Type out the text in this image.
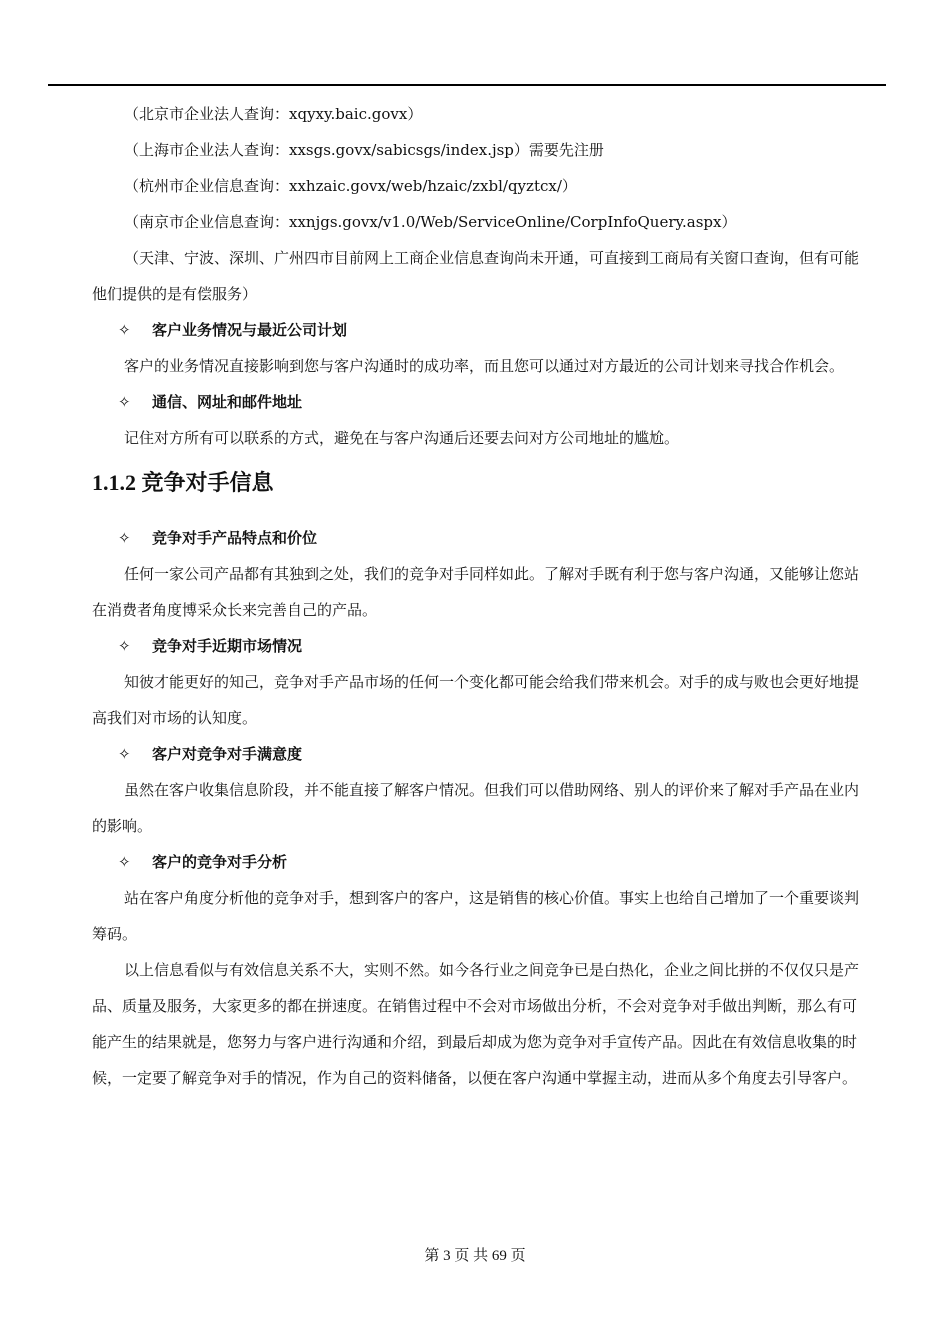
（北京市企业法人查询：xqyxy.baic.govx）

（上海市企业法人查询：xxsgs.govx/sabicsgs/index.jsp）需要先注册

（杭州市企业信息查询：xxhzaic.govx/web/hzaic/zxbl/qyztcx/）

（南京市企业信息查询：xxnjgs.govx/v1.0/Web/ServiceOnline/CorpInfoQuery.aspx）

（天津、宁波、深圳、广州四市目前网上工商企业信息查询尚未开通，可直接到工商局有关窗口查询，但有可能他们提供的是有偿服务）

✧ 客户业务情况与最近公司计划

客户的业务情况直接影响到您与客户沟通时的成功率，而且您可以通过对方最近的公司计划来寻找合作机会。

✧ 通信、网址和邮件地址

记住对方所有可以联系的方式，避免在与客户沟通后还要去问对方公司地址的尴尬。

1.1.2 竞争对手信息

✧ 竞争对手产品特点和价位

任何一家公司产品都有其独到之处，我们的竞争对手同样如此。了解对手既有利于您与客户沟通，又能够让您站在消费者角度博采众长来完善自己的产品。

✧ 竞争对手近期市场情况

知彼才能更好的知己，竞争对手产品市场的任何一个变化都可能会给我们带来机会。对手的成与败也会更好地提高我们对市场的认知度。

✧ 客户对竞争对手满意度

虽然在客户收集信息阶段，并不能直接了解客户情况。但我们可以借助网络、别人的评价来了解对手产品在业内的影响。

✧ 客户的竞争对手分析

站在客户角度分析他的竞争对手，想到客户的客户，这是销售的核心价值。事实上也给自己增加了一个重要谈判筹码。

以上信息看似与有效信息关系不大，实则不然。如今各行业之间竞争已是白热化，企业之间比拼的不仅仅只是产品、质量及服务，大家更多的都在拼速度。在销售过程中不会对市场做出分析，不会对竞争对手做出判断，那么有可能产生的结果就是，您努力与客户进行沟通和介绍，到最后却成为您为竞争对手宣传产品。因此在有效信息收集的时候，一定要了解竞争对手的情况，作为自己的资料储备，以便在客户沟通中掌握主动，进而从多个角度去引导客户。

第 3 页 共 69 页
